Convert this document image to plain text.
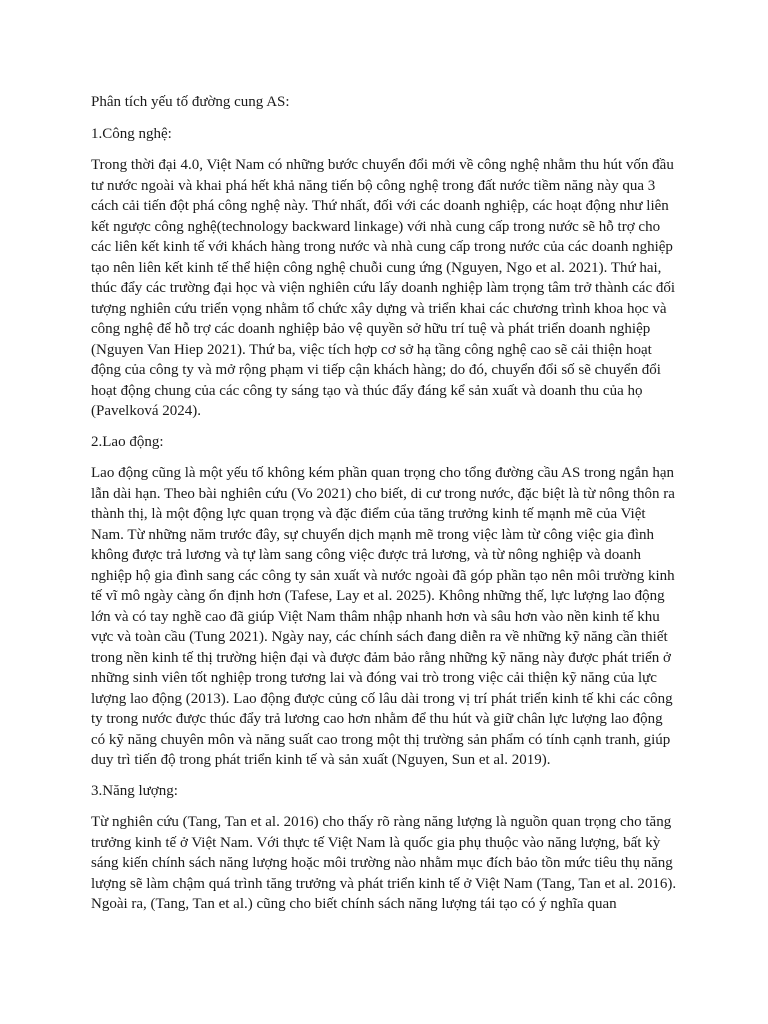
Phân tích yếu tố đường cung AS:

1.Công nghệ:

Trong thời đại 4.0, Việt Nam có những bước chuyển đổi mới về công nghệ nhằm thu hút vốn đầu tư nước ngoài và khai phá hết khả năng tiến bộ công nghệ trong đất nước tiềm năng này qua 3 cách cải tiến đột phá công nghệ này. Thứ nhất, đối với các doanh nghiệp, các hoạt động như liên kết ngược công nghệ(technology backward linkage) với nhà cung cấp trong nước sẽ hỗ trợ cho các liên kết kinh tế với khách hàng trong nước và nhà cung cấp trong nước của các doanh nghiệp tạo nên liên kết kinh tế thể hiện công nghệ chuỗi cung ứng (Nguyen, Ngo et al. 2021). Thứ hai, thúc đẩy các trường đại học và viện nghiên cứu lấy doanh nghiệp làm trọng tâm trở thành các đối tượng nghiên cứu triển vọng nhằm tổ chức xây dựng và triển khai các chương trình khoa học và công nghệ để hỗ trợ các doanh nghiệp bảo vệ quyền sở hữu trí tuệ và phát triển doanh nghiệp (Nguyen Van Hiep 2021). Thứ ba, việc tích hợp cơ sở hạ tầng công nghệ cao sẽ cải thiện hoạt động của công ty và mở rộng phạm vi tiếp cận khách hàng; do đó, chuyển đổi số sẽ chuyển đổi hoạt động chung của các công ty sáng tạo và thúc đẩy đáng kể sản xuất và doanh thu của họ (Pavelková 2024).

2.Lao động:

Lao động cũng là một yếu tố không kém phần quan trọng cho tổng đường cầu AS trong ngắn hạn lẫn dài hạn. Theo bài nghiên cứu (Vo 2021) cho biết, di cư trong nước, đặc biệt là từ nông thôn ra thành thị, là một động lực quan trọng và đặc điểm của tăng trưởng kinh tế mạnh mẽ của Việt Nam. Từ những năm trước đây, sự chuyển dịch mạnh mẽ trong việc làm từ công việc gia đình không được trả lương và tự làm sang công việc được trả lương, và từ nông nghiệp và doanh nghiệp hộ gia đình sang các công ty sản xuất và nước ngoài đã góp phần tạo nên môi trường kinh tế vĩ mô ngày càng ổn định hơn (Tafese, Lay et al. 2025). Không những thế, lực lượng lao động lớn và có tay nghề cao đã giúp Việt Nam thâm nhập nhanh hơn và sâu hơn vào nền kinh tế khu vực và toàn cầu (Tung 2021). Ngày nay, các chính sách đang diễn ra về những kỹ năng cần thiết trong nền kinh tế thị trường hiện đại và được đảm bảo rằng những kỹ năng này được phát triển ở những sinh viên tốt nghiệp trong tương lai và đóng vai trò trong việc cải thiện kỹ năng của lực lượng lao động (2013). Lao động được củng cố lâu dài trong vị trí phát triển kinh tế khi các công ty trong nước được thúc đẩy trả lương cao hơn nhằm để thu hút và giữ chân lực lượng lao động có kỹ năng chuyên môn và năng suất cao trong một thị trường sản phẩm có tính cạnh tranh, giúp duy trì tiến độ trong phát triển kinh tế và sản xuất (Nguyen, Sun et al. 2019).

3.Năng lượng:

Từ nghiên cứu (Tang, Tan et al. 2016) cho thấy rõ ràng năng lượng là nguồn quan trọng cho tăng trưởng kinh tế ở Việt Nam. Với thực tế Việt Nam là quốc gia phụ thuộc vào năng lượng, bất kỳ sáng kiến chính sách năng lượng hoặc môi trường nào nhằm mục đích bảo tồn mức tiêu thụ năng lượng sẽ làm chậm quá trình tăng trưởng và phát triển kinh tế ở Việt Nam (Tang, Tan et al. 2016). Ngoài ra, (Tang, Tan et al.) cũng cho biết chính sách năng lượng tái tạo có ý nghĩa quan
